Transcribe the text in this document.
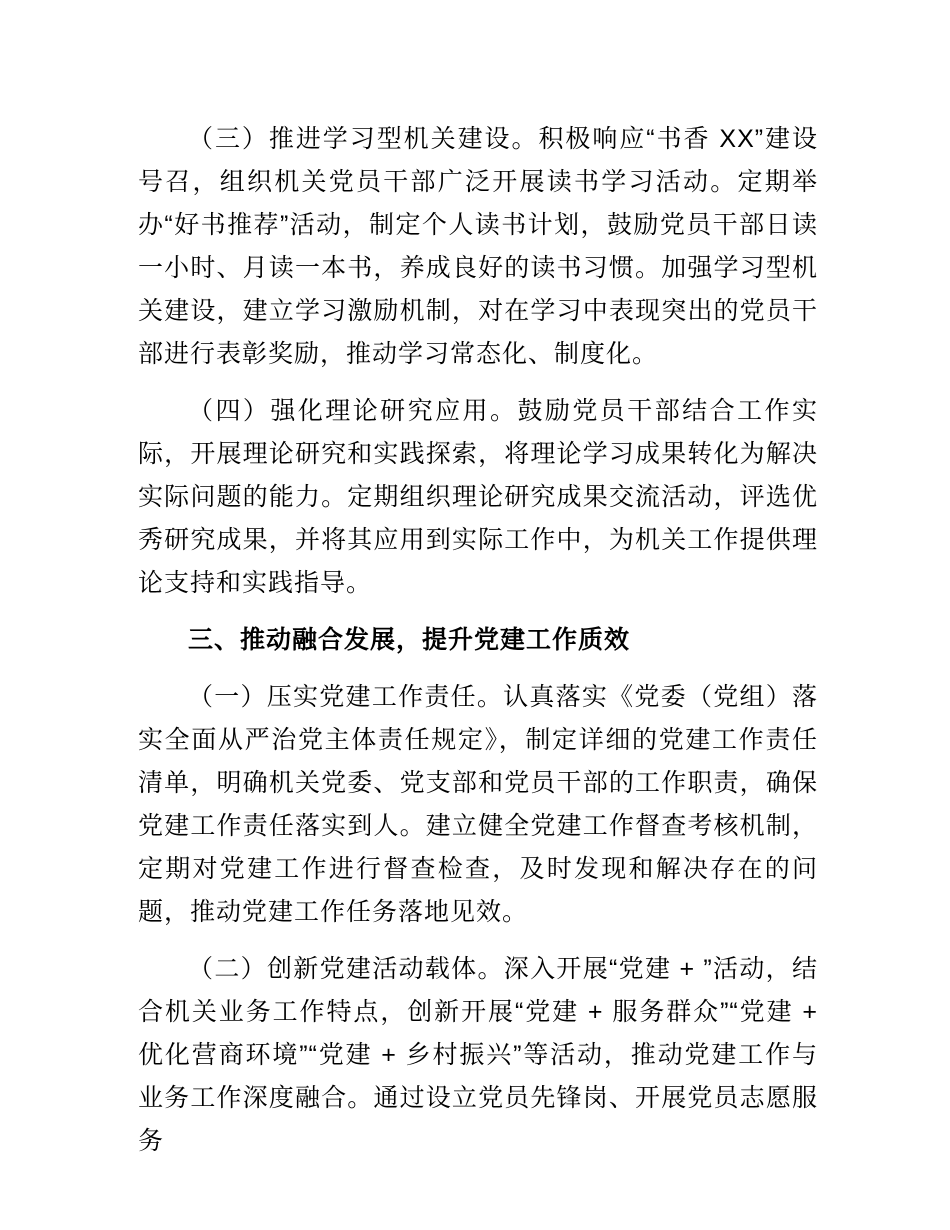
（三）推进学习型机关建设。积极响应“书香 XX”建设号召，组织机关党员干部广泛开展读书学习活动。定期举办“好书推荐”活动，制定个人读书计划，鼓励党员干部日读一小时、月读一本书，养成良好的读书习惯。加强学习型机关建设，建立学习激励机制，对在学习中表现突出的党员干部进行表彰奖励，推动学习常态化、制度化。

（四）强化理论研究应用。鼓励党员干部结合工作实际，开展理论研究和实践探索，将理论学习成果转化为解决实际问题的能力。定期组织理论研究成果交流活动，评选优秀研究成果，并将其应用到实际工作中，为机关工作提供理论支持和实践指导。

三、推动融合发展，提升党建工作质效

（一）压实党建工作责任。认真落实《党委（党组）落实全面从严治党主体责任规定》，制定详细的党建工作责任清单，明确机关党委、党支部和党员干部的工作职责，确保党建工作责任落实到人。建立健全党建工作督查考核机制，定期对党建工作进行督查检查，及时发现和解决存在的问题，推动党建工作任务落地见效。

（二）创新党建活动载体。深入开展“党建 + ”活动，结合机关业务工作特点，创新开展“党建 + 服务群众”“党建 + 优化营商环境”“党建 + 乡村振兴”等活动，推动党建工作与业务工作深度融合。通过设立党员先锋岗、开展党员志愿服务
